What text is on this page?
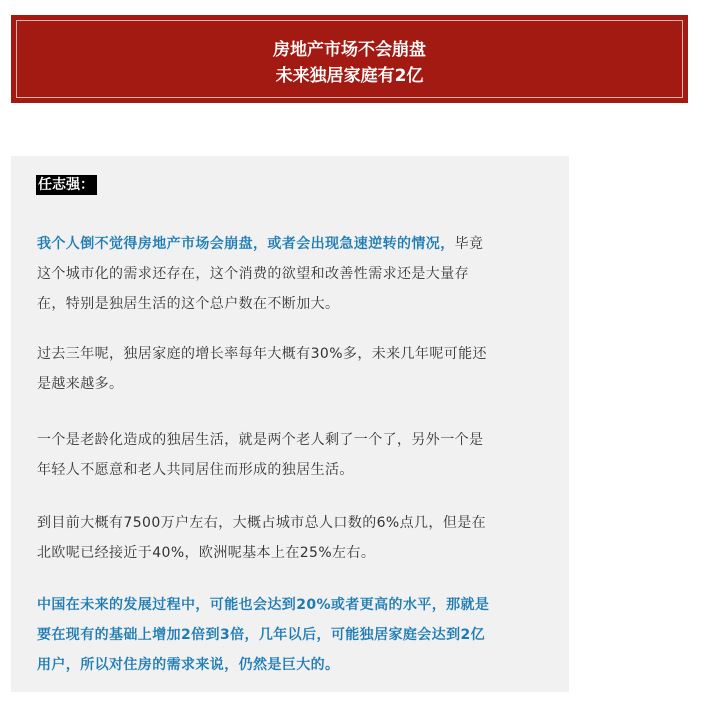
房地产市场不会崩盘
未来独居家庭有2亿
任志强：
我个人倒不觉得房地产市场会崩盘，或者会出现急速逆转的情况，毕竟
这个城市化的需求还存在，这个消费的欲望和改善性需求还是大量存
在，特别是独居生活的这个总户数在不断加大。
过去三年呢，独居家庭的增长率每年大概有30%多，未来几年呢可能还
是越来越多。
一个是老龄化造成的独居生活，就是两个老人剩了一个了，另外一个是
年轻人不愿意和老人共同居住而形成的独居生活。
到目前大概有7500万户左右，大概占城市总人口数的6%点几，但是在
北欧呢已经接近于40%，欧洲呢基本上在25%左右。
中国在未来的发展过程中，可能也会达到20%或者更高的水平，那就是
要在现有的基础上增加2倍到3倍，几年以后，可能独居家庭会达到2亿
用户，所以对住房的需求来说，仍然是巨大的。
